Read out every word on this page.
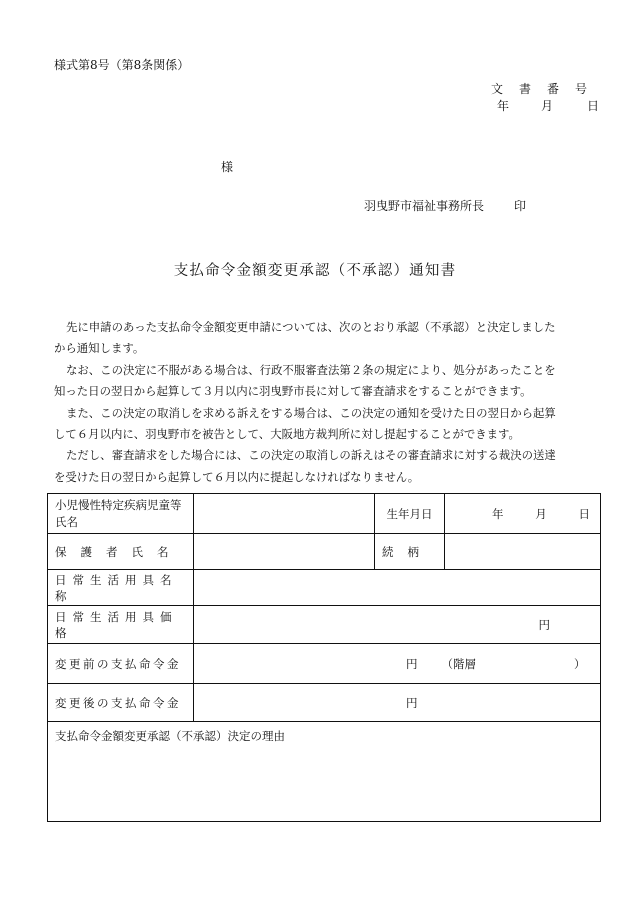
様式第8号（第8条関係）
文書番号
年	月	日
様
羽曳野市福祉事務所長	印
支払命令金額変更承認（不承認）通知書

先に申請のあった支払命令金額変更申請については、次のとおり承認（不承認）と決定しました

から通知します。

なお、この決定に不服がある場合は、行政不服審査法第２条の規定により、処分があったことを

知った日の翌日から起算して３月以内に羽曳野市長に対して審査請求をすることができます。

また、この決定の取消しを求める訴えをする場合は、この決定の通知を受けた日の翌日から起算

して６月以内に、羽曳野市を被告として、大阪地方裁判所に対し提起することができます。

ただし、審査請求をした場合には、この決定の取消しの訴えはその審査請求に対する裁決の送達

を受けた日の翌日から起算して６月以内に提起しなければなりません。

小児慢性特定疾病児童等氏名		生年月日	年 月 日

保護者氏名		続柄	
日常生活用具名称			
日常生活用具価格	円		
変更前の支払命令金	円 （階層 ）		

変更後の支払命令金	円		

支払命令金額変更承認（不承認）決定の理由			
